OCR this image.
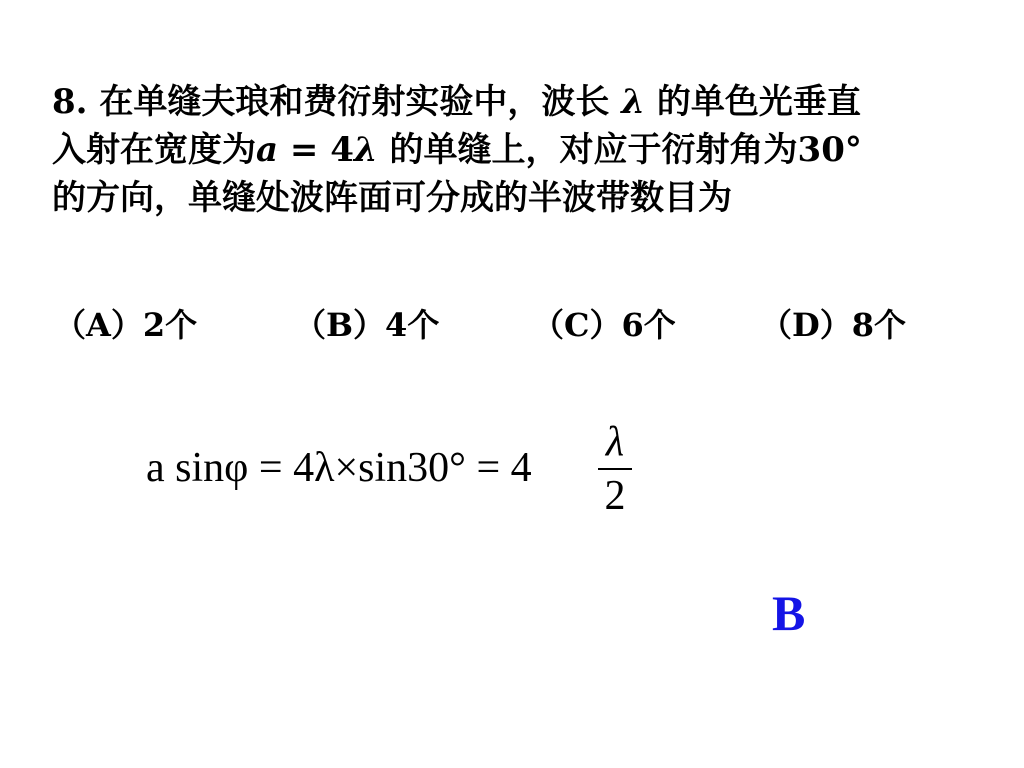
8. 在单缝夫琅和费衍射实验中，波长 λ 的单色光垂直
入射在宽度为a = 4λ 的单缝上，对应于衍射角为30°
的方向，单缝处波阵面可分成的半波带数目为
（A）2个	（B）4个	（C）6个	（D）8个
a sinφ = 4λ×sin30° = 4
λ
2
B
